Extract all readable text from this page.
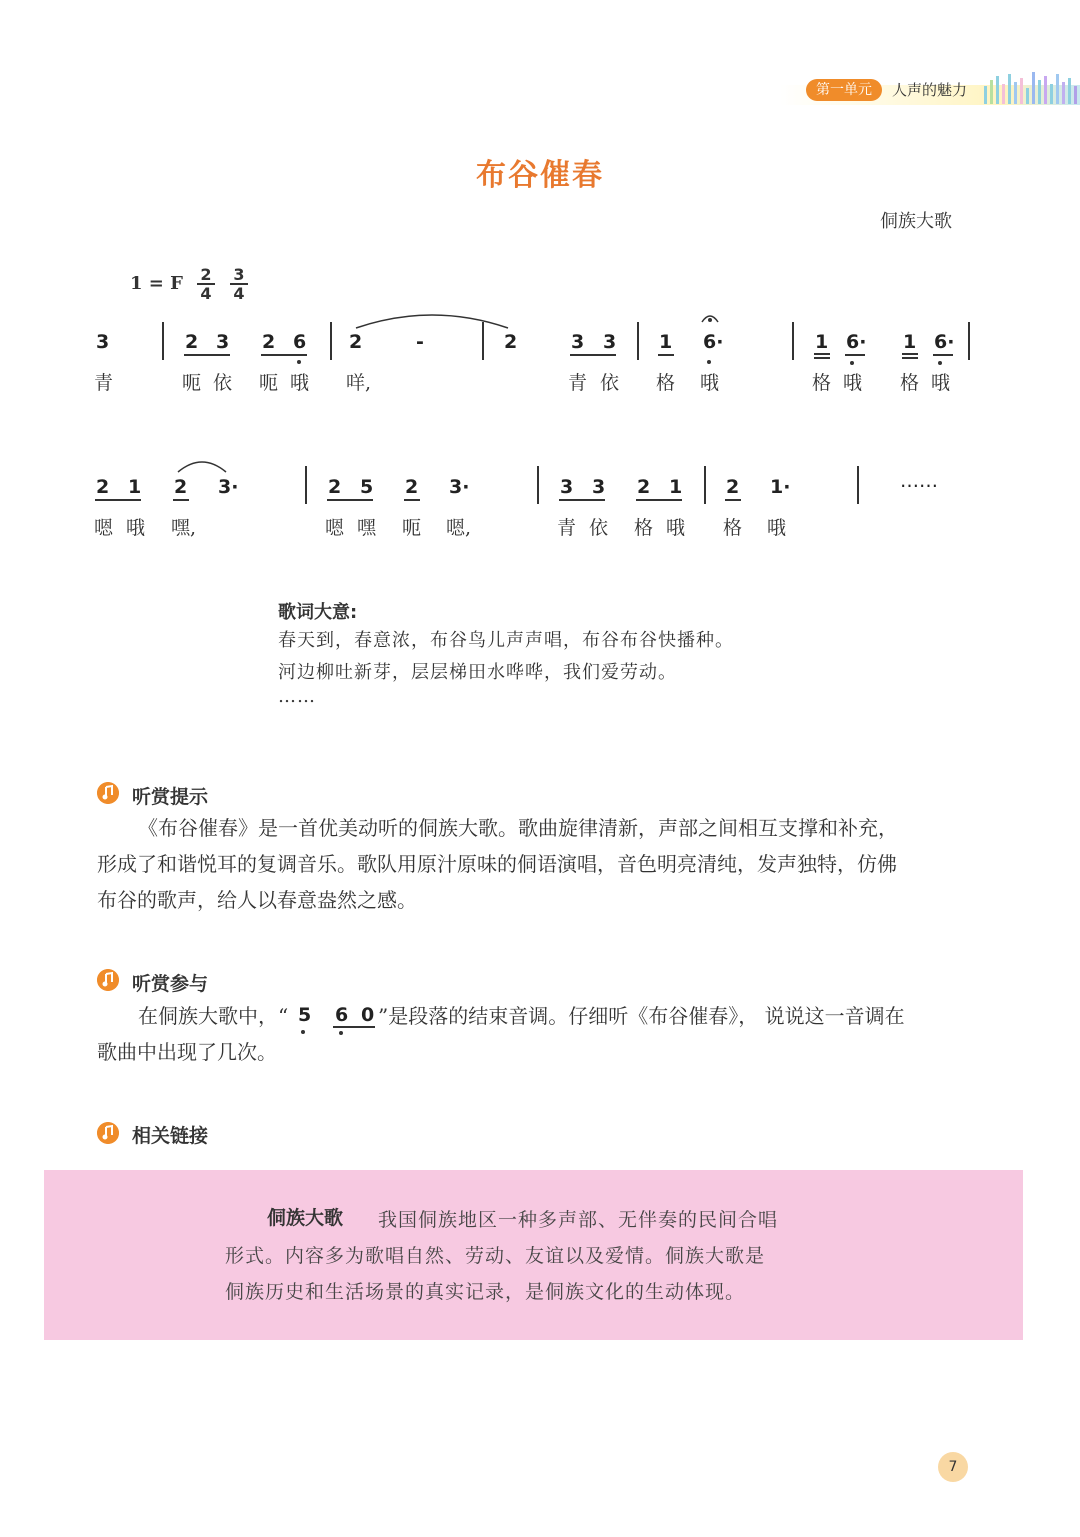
第一单元	人声的魅力
布谷催春
侗族大歌
1 = F $\frac{2}{4} \frac{3}{4}$
3	2 3 2 6 2	-	2	3 3 1 6·	1 6· 1 6·
青	呃 依 呃 哦 咩,	青 依 格 哦	格 哦 格 哦
2 1 2 3·	2 5 2 3·	3 3 2 1 2 1·	……
嗯 哦 嘿,	嗯 嘿 呃 嗯,	青 依 格 哦 格 哦
歌词大意:
春天到，春意浓，布谷鸟儿声声唱，布谷布谷快播种。
河边柳吐新芽，层层梯田水哗哗，我们爱劳动。
……
听赏提示
《布谷催春》是一首优美动听的侗族大歌。歌曲旋律清新，声部之间相互支撑和补充，
形成了和谐悦耳的复调音乐。歌队用原汁原味的侗语演唱，音色明亮清纯，发声独特，仿佛
布谷的歌声，给人以春意盎然之感。
听赏参与
在侗族大歌中，“ 5 6 0 ”是段落的结束音调。仔细听《布谷催春》， 说说这一音调在
歌曲中出现了几次。
相关链接
侗族大歌 我国侗族地区一种多声部、无伴奏的民间合唱
形式。内容多为歌唱自然、劳动、友谊以及爱情。侗族大歌是
侗族历史和生活场景的真实记录，是侗族文化的生动体现。
7
